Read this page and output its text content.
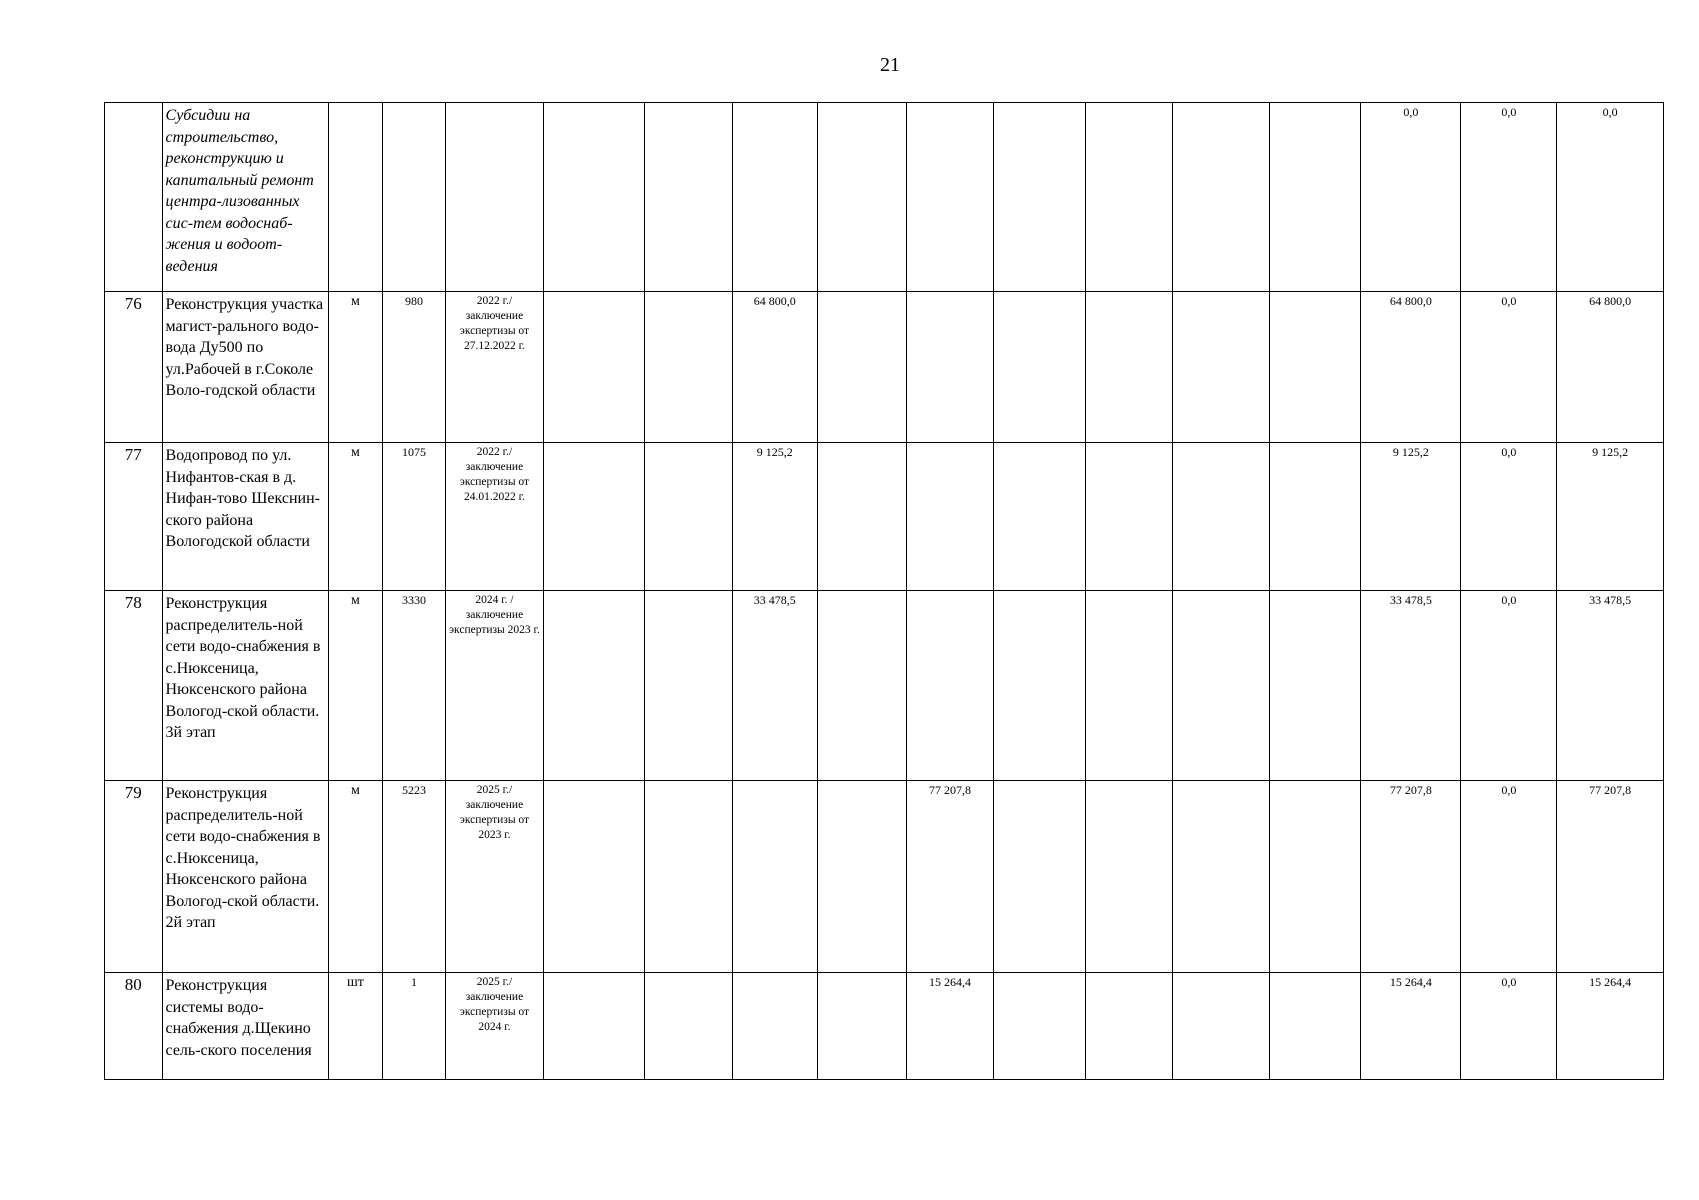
21
	Субсидии на строительство, реконструкцию и капитальный ремонт центра-лизованных сис-тем водоснаб-жения и водоот-ведения													0,0	0,0	0,0
76	Реконструкция участка магист-рального водо-вода Ду500 по ул.Рабочей в г.Соколе Воло-годской области	м	980	2022 г./ заключение экспертизы от 27.12.2022 г.			64 800,0							64 800,0	0,0	64 800,0
77	Водопровод по ул. Нифантов-ская в д. Нифан-тово Шекснин-ского района Вологодской области	м	1075	2022 г./ заключение экспертизы от 24.01.2022 г.			9 125,2							9 125,2	0,0	9 125,2
78	Реконструкция распределитель-ной сети водо-снабжения в с.Нюксеница, Нюксенского района Вологод-ской области. 3й этап	м	3330	2024 г. / заключение экспертизы 2023 г.			33 478,5							33 478,5	0,0	33 478,5
79	Реконструкция распределитель-ной сети водо-снабжения в с.Нюксеница, Нюксенского района Вологод-ской области. 2й этап	м	5223	2025 г./ заключение экспертизы от 2023 г.					77 207,8					77 207,8	0,0	77 207,8
80	Реконструкция системы водо-снабжения д.Щекино сель-ского поселения	шт	1	2025 г./ заключение экспертизы от 2024 г.					15 264,4					15 264,4	0,0	15 264,4
